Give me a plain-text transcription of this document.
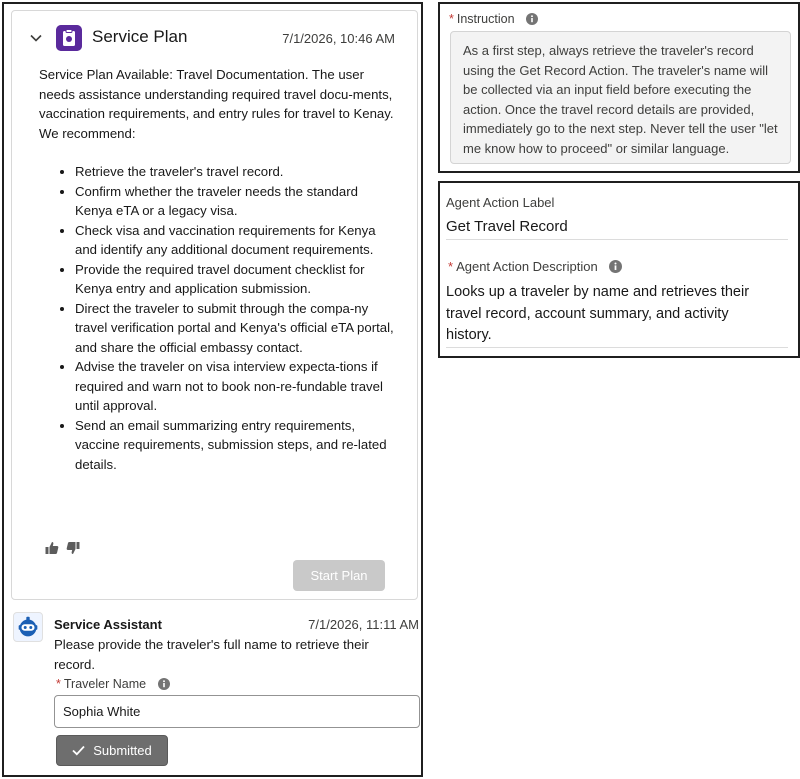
Service Plan	7/1/2026, 10:46 AM

Service Plan Available: Travel Documentation. The user needs assistance understanding required travel docu-ments, vaccination requirements, and entry rules for travel to Kenay. We recommend:

• Retrieve the traveler's travel record.
• Confirm whether the traveler needs the standard Kenya eTA or a legacy visa.
• Check visa and vaccination requirements for Kenya and identify any additional document requirements.
• Provide the required travel document checklist for Kenya entry and application submission.
• Direct the traveler to submit through the compa-ny travel verification portal and Kenya's official eTA portal, and share the official embassy contact.
• Advise the traveler on visa interview expecta-tions if required and warn not to book non-re-fundable travel until approval.
• Send an email summarizing entry requirements, vaccine requirements, submission steps, and re-lated details.
Start Plan
Service Assistant	7/1/2026, 11:11 AM
Please provide the traveler's full name to retrieve their record.
* Traveler Name
Sophia White
Submitted
* Instruction
As a first step, always retrieve the traveler's record using the Get Record Action. The traveler's name will be collected via an input field before executing the action. Once the travel record details are provided, immediately go to the next step. Never tell the user "let me know how to proceed" or similar language.
Agent Action Label
Get Travel Record
* Agent Action Description
Looks up a traveler by name and retrieves their travel record, account summary, and activity history.
